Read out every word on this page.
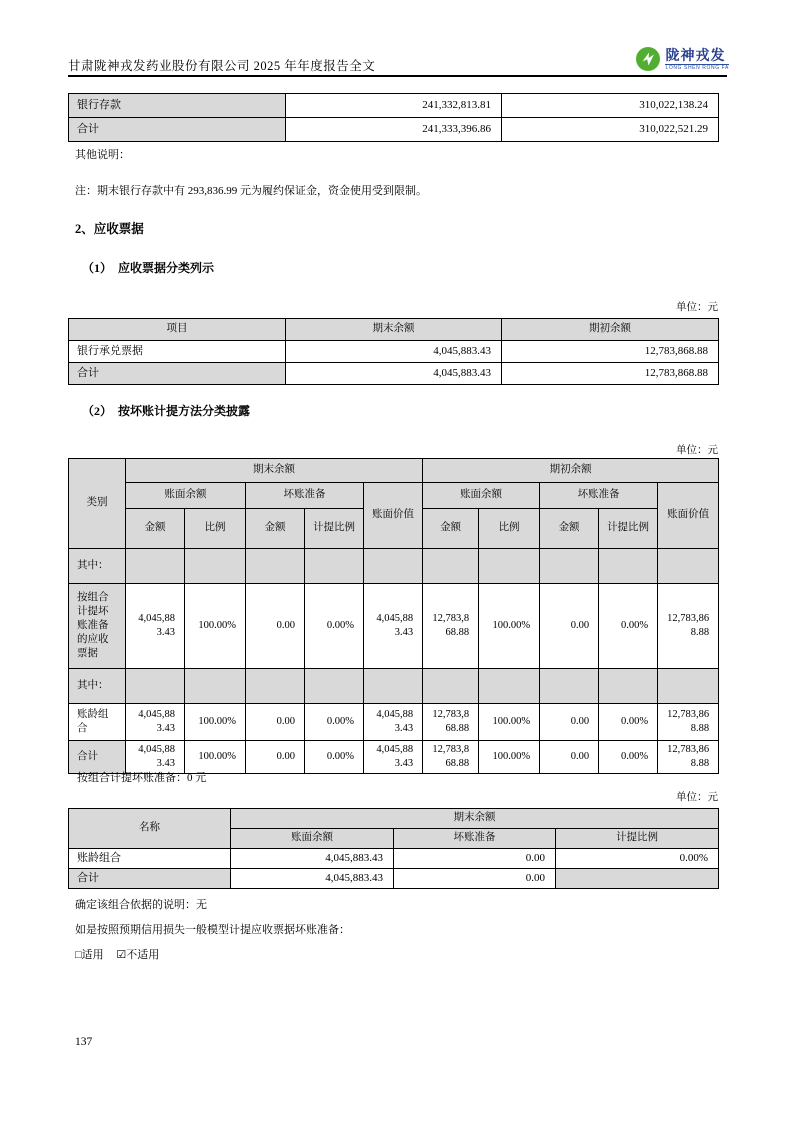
甘肃陇神戎发药业股份有限公司 2025 年年度报告全文
陇神戎发
LONG SHEN RONG FA
银行存款	241,332,813.81	310,022,138.24
合计	241,333,396.86	310,022,521.29
其他说明：
注：期末银行存款中有 293,836.99 元为履约保证金，资金使用受到限制。
2、应收票据
（1）　应收票据分类列示
单位：元
项目	期末余额	期初余额
银行承兑票据	4,045,883.43	12,783,868.88
合计	4,045,883.43	12,783,868.88
（2）　按坏账计提方法分类披露
单位：元
类别	期末余额					期初余额				
	账面余额		坏账准备		账面价值	账面余额		坏账准备		账面价值
	金额	比例	金额	计提比例		金额	比例	金额	计提比例	
其中：										
按组合计提坏账准备的应收票据	4,045,883.43	100.00%	0.00	0.00%	4,045,883.43	12,783,868.88	100.00%	0.00	0.00%	12,783,868.88
其中：										
账龄组合	4,045,883.43	100.00%	0.00	0.00%	4,045,883.43	12,783,868.88	100.00%	0.00	0.00%	12,783,868.88
合计	4,045,883.43	100.00%	0.00	0.00%	4,045,883.43	12,783,868.88	100.00%	0.00	0.00%	12,783,868.88
按组合计提坏账准备：0 元
单位：元
名称	期末余额		
	账面余额	坏账准备	计提比例
账龄组合	4,045,883.43	0.00	0.00%
合计	4,045,883.43	0.00	
确定该组合依据的说明：无
如是按照预期信用损失一般模型计提应收票据坏账准备：
□适用 ☑不适用
137
